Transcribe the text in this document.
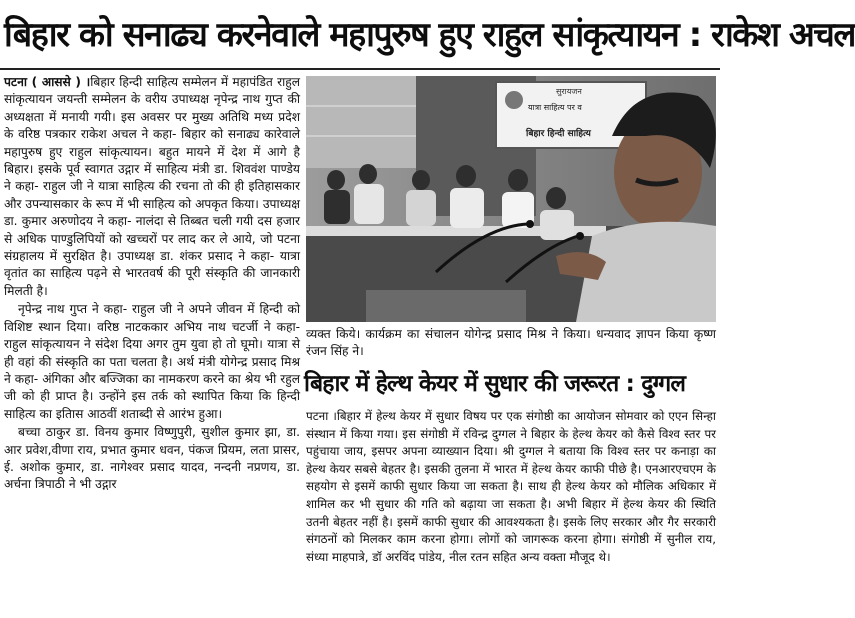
बिहार को सनाढ्य करनेवाले महापुरुष हुए राहुल सांकृत्यायन : राकेश अचल

पटना ( आससे ) ।बिहार हिन्दी साहित्य सम्मेलन में महापंडित राहुल सांकृत्यायन जयन्ती सम्मेलन के वरीय उपाध्यक्ष नृपेन्द्र नाथ गुप्त की अध्यक्षता में मनायी गयी। इस अवसर पर मुख्य अतिथि मध्य प्रदेश के वरिष्ठ पत्रकार राकेश अचल ने कहा- बिहार को सनाढ्य कारेवाले महापुरुष हुए राहुल सांकृत्यायन। बहुत मायने में देश में आगे है बिहार। इसके पूर्व स्वागत उद्गार में साहित्य मंत्री डा. शिववंश पाण्डेय ने कहा- राहुल जी ने यात्रा साहित्य की रचना तो की ही इतिहासकार और उपन्यासकार के रूप में भी साहित्य को अपकृत किया। उपाध्यक्ष डा. कुमार अरुणोदय ने कहा- नालंदा से तिब्बत चली गयी दस हजार से अधिक पाण्डुलिपियों को खच्चरों पर लाद कर ले आये, जो पटना संग्रहालय में सुरक्षित है। उपाध्यक्ष डा. शंकर प्रसाद ने कहा- यात्रा वृतांत का साहित्य पढ़ने से भारतवर्ष की पूरी संस्कृति की जानकारी मिलती है।

नृपेन्द्र नाथ गुप्त ने कहा- राहुल जी ने अपने जीवन में हिन्दी को विशिष्ट स्थान दिया। वरिष्ठ नाटककार अभिय नाथ चटर्जी ने कहा- राहुल सांकृत्यायन ने संदेश दिया अगर तुम युवा हो तो घूमो। यात्रा से ही वहां की संस्कृति का पता चलता है। अर्थ मंत्री योगेन्द्र प्रसाद मिश्र ने कहा- अंगिका और बज्जिका का नामकरण करने का श्रेय भी रहुल जी को ही प्राप्त है। उन्होंने इस तर्क को स्थापित किया कि हिन्दी साहित्य का इतिास आठवीं शताब्दी से आरंभ हुआ।

बच्चा ठाकुर डा. विनय कुमार विष्णुपुरी, सुशील कुमार झा, डा. आर प्रवेश,वीणा राय, प्रभात कुमार धवन, पंकज प्रियम, लता प्रासर, ई. अशोक कुमार, डा. नागेश्वर प्रसाद यादव, नन्दनी नप्रणय, डा. अर्चना त्रिपाठी ने भी उद्गार

सुरायजन
यात्रा साहित्य पर व
बिहार हिन्दी साहित्य
व्यक्त किये। कार्यक्रम का संचालन योगेन्द्र प्रसाद मिश्र ने किया। धन्यवाद ज्ञापन किया कृष्ण रंजन सिंह ने।
बिहार में हेल्थ केयर में सुधार की जरूरत : दुग्गल
पटना ।बिहार में हेल्थ केयर में सुधार विषय पर एक संगोष्ठी का आयोजन सोमवार को एएन सिन्हा संस्थान में किया गया। इस संगोष्ठी में रविन्द्र दुग्गल ने बिहार के हेल्थ केयर को कैसे विश्व स्तर पर पहुंचाया जाय, इसपर अपना व्याख्यान दिया। श्री दुग्गल ने बताया कि विश्व स्तर पर कनाड़ा का हेल्थ केयर सबसे बेहतर है। इसकी तुलना में भारत में हेल्थ केयर काफी पीछे है। एनआरएचएम के सहयोग से इसमें काफी सुधार किया जा सकता है। साथ ही हेल्थ केयर को मौलिक अधिकार में शामिल कर भी सुधार की गति को बढ़ाया जा सकता है। अभी बिहार में हेल्थ केयर की स्थिति उतनी बेहतर नहीं है। इसमें काफी सुधार की आवश्यकता है। इसके लिए सरकार और गैर सरकारी संगठनों को मिलकर काम करना होगा। लोगों को जागरूक करना होगा। संगोष्ठी में सुनील राय, संध्या माहपात्रे, डॉ अरविंद पांडेय, नील रतन सहित अन्य वक्ता मौजूद थे।
